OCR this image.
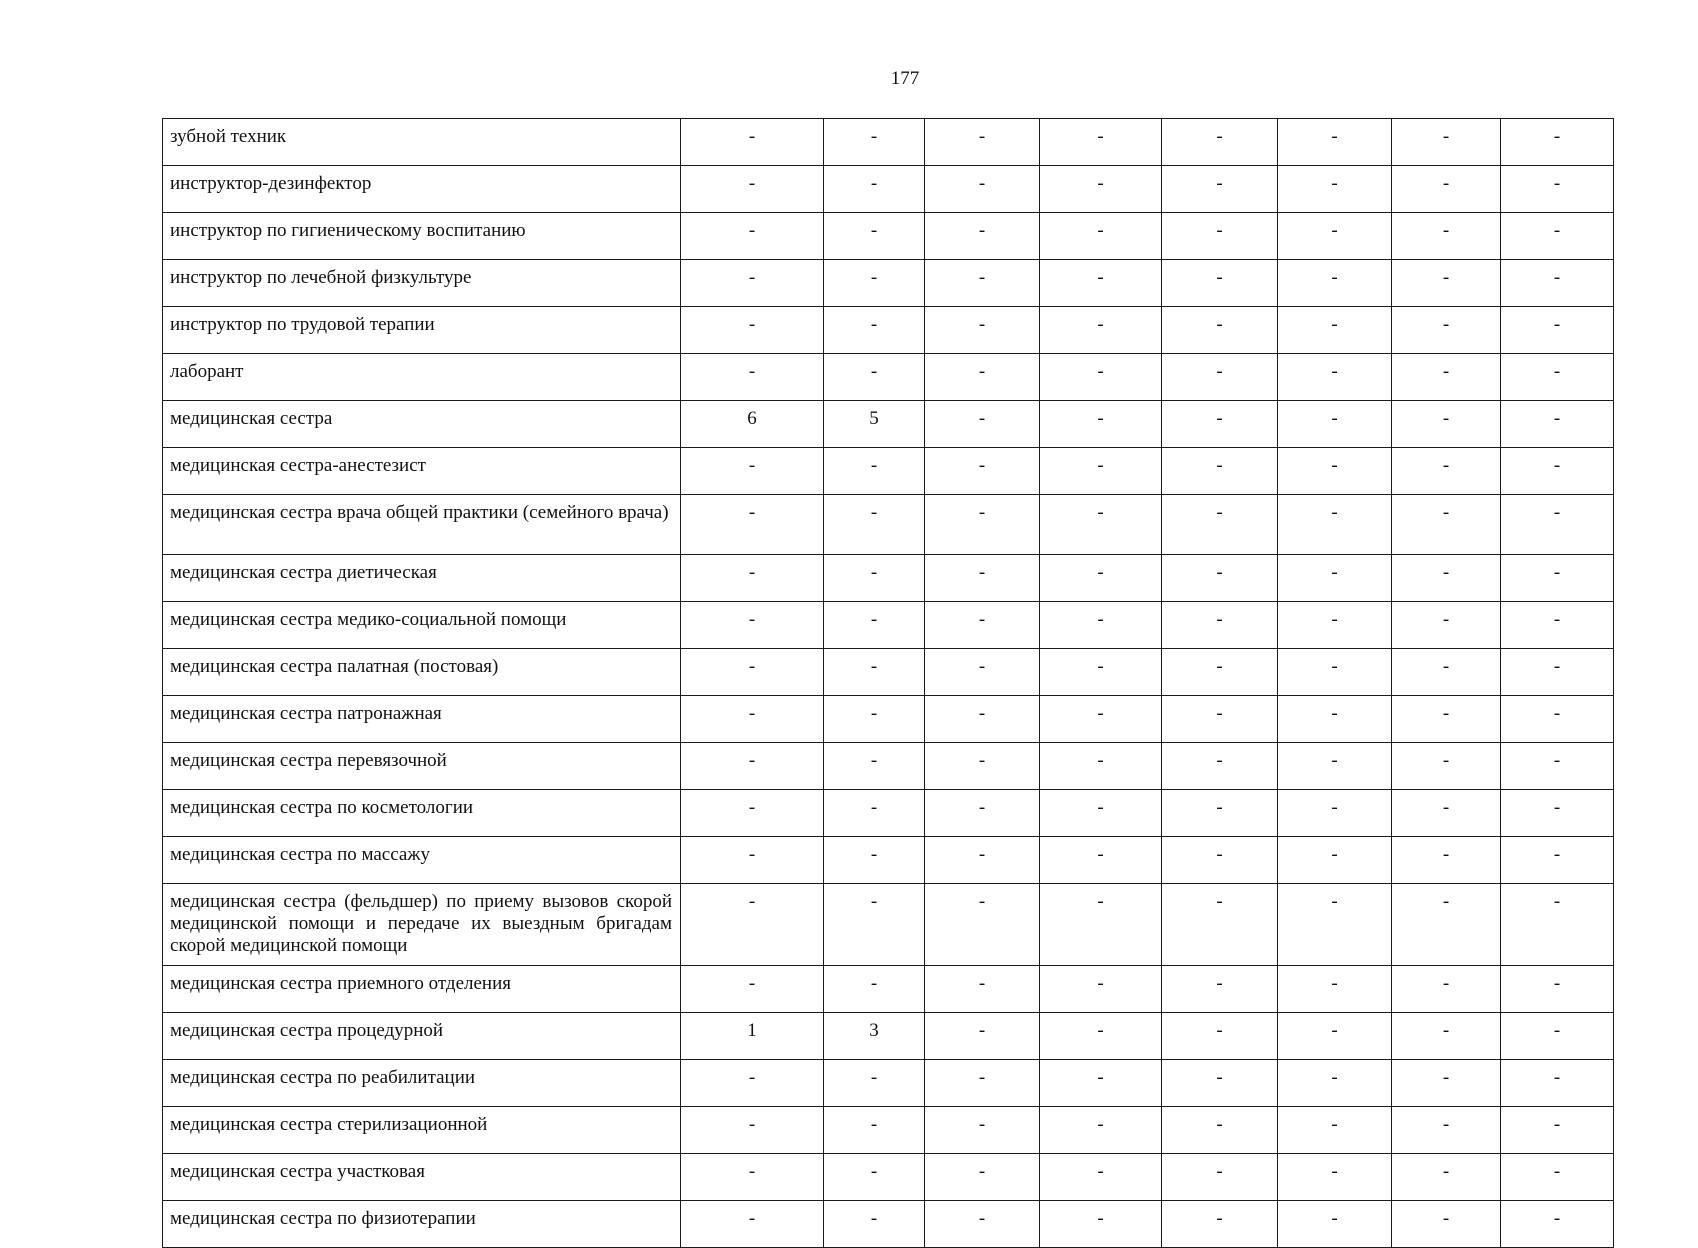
177
зубной техник	-	-	-	-	-	-	-	-
инструктор-дезинфектор	-	-	-	-	-	-	-	-
инструктор по гигиеническому воспитанию	-	-	-	-	-	-	-	-
инструктор по лечебной физкультуре	-	-	-	-	-	-	-	-
инструктор по трудовой терапии	-	-	-	-	-	-	-	-
лаборант	-	-	-	-	-	-	-	-
медицинская сестра	6	5	-	-	-	-	-	-
медицинская сестра-анестезист	-	-	-	-	-	-	-	-
медицинская сестра врача общей практики (семейного врача)	-	-	-	-	-	-	-	-
медицинская сестра диетическая	-	-	-	-	-	-	-	-
медицинская сестра медико-социальной помощи	-	-	-	-	-	-	-	-
медицинская сестра палатная (постовая)	-	-	-	-	-	-	-	-
медицинская сестра патронажная	-	-	-	-	-	-	-	-
медицинская сестра перевязочной	-	-	-	-	-	-	-	-
медицинская сестра по косметологии	-	-	-	-	-	-	-	-
медицинская сестра по массажу	-	-	-	-	-	-	-	-
медицинская сестра (фельдшер) по приему вызовов скорой медицинской помощи и передаче их выездным бригадам скорой медицинской помощи	-	-	-	-	-	-	-	-
медицинская сестра приемного отделения	-	-	-	-	-	-	-	-
медицинская сестра процедурной	1	3	-	-	-	-	-	-
медицинская сестра по реабилитации	-	-	-	-	-	-	-	-
медицинская сестра стерилизационной	-	-	-	-	-	-	-	-
медицинская сестра участковая	-	-	-	-	-	-	-	-
медицинская сестра по физиотерапии	-	-	-	-	-	-	-	-
